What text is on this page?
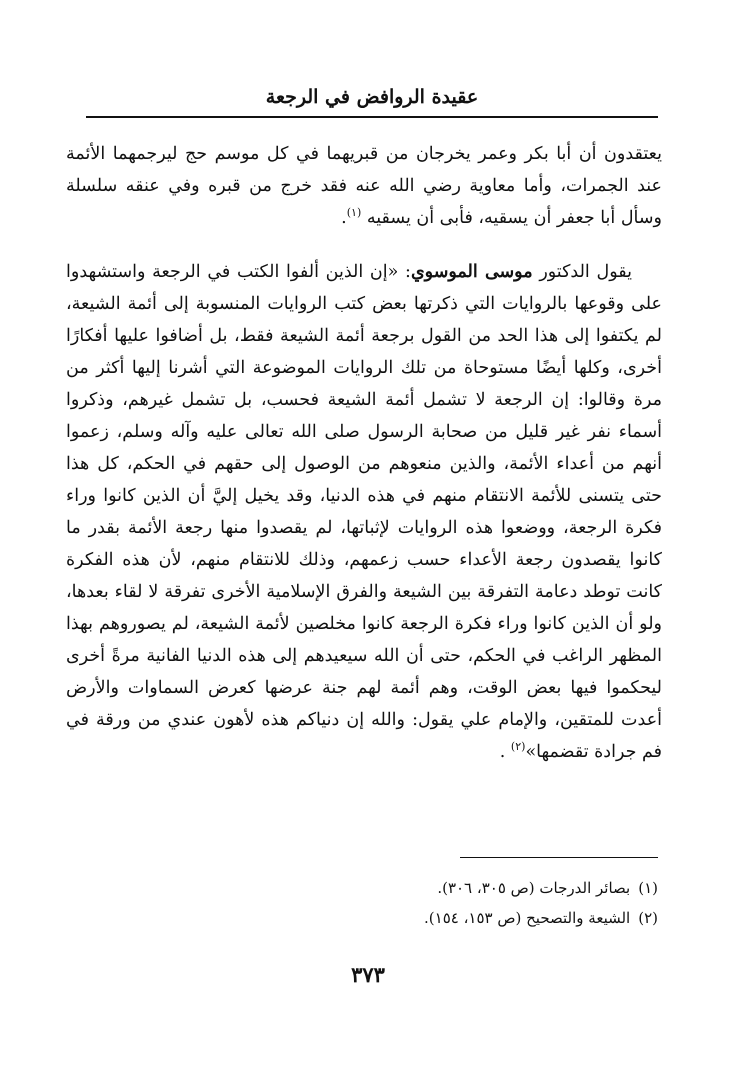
عقيدة الروافض في الرجعة

يعتقدون أن أبا بكر وعمر يخرجان من قبريهما في كل موسم حج ليرجمهما الأئمة عند الجمرات، وأما معاوية رضي الله عنه فقد خرج من قبره وفي عنقه سلسلة وسأل أبا جعفر أن يسقيه، فأبى أن يسقيه $^{(١)}$.

يقول الدكتور موسى الموسوي: «إن الذين ألفوا الكتب في الرجعة واستشهدوا على وقوعها بالروايات التي ذكرتها بعض كتب الروايات المنسوبة إلى أئمة الشيعة، لم يكتفوا إلى هذا الحد من القول برجعة أئمة الشيعة فقط، بل أضافوا عليها أفكارًا أخرى، وكلها أيضًا مستوحاة من تلك الروايات الموضوعة التي أشرنا إليها أكثر من مرة وقالوا: إن الرجعة لا تشمل أئمة الشيعة فحسب، بل تشمل غيرهم، وذكروا أسماء نفر غير قليل من صحابة الرسول صلى الله تعالى عليه وآله وسلم، زعموا أنهم من أعداء الأئمة، والذين منعوهم من الوصول إلى حقهم في الحكم، كل هذا حتى يتسنى للأئمة الانتقام منهم في هذه الدنيا، وقد يخيل إليَّ أن الذين كانوا وراء فكرة الرجعة، ووضعوا هذه الروايات لإثباتها، لم يقصدوا منها رجعة الأئمة بقدر ما كانوا يقصدون رجعة الأعداء حسب زعمهم، وذلك للانتقام منهم، لأن هذه الفكرة كانت توطد دعامة التفرقة بين الشيعة والفرق الإسلامية الأخرى تفرقة لا لقاء بعدها، ولو أن الذين كانوا وراء فكرة الرجعة كانوا مخلصين لأئمة الشيعة، لم يصوروهم بهذا المظهر الراغب في الحكم، حتى أن الله سيعيدهم إلى هذه الدنيا الفانية مرةً أخرى ليحكموا فيها بعض الوقت، وهم أئمة لهم جنة عرضها كعرض السماوات والأرض أعدت للمتقين، والإمام علي يقول: والله إن دنياكم هذه لأهون عندي من ورقة في فم جرادة تقضمها»$^{(٢)}$ .

(١)بصائر الدرجات (ص ٣٠٥، ٣٠٦).
(٢)الشيعة والتصحيح (ص ١٥٣، ١٥٤).
٣٧٣
